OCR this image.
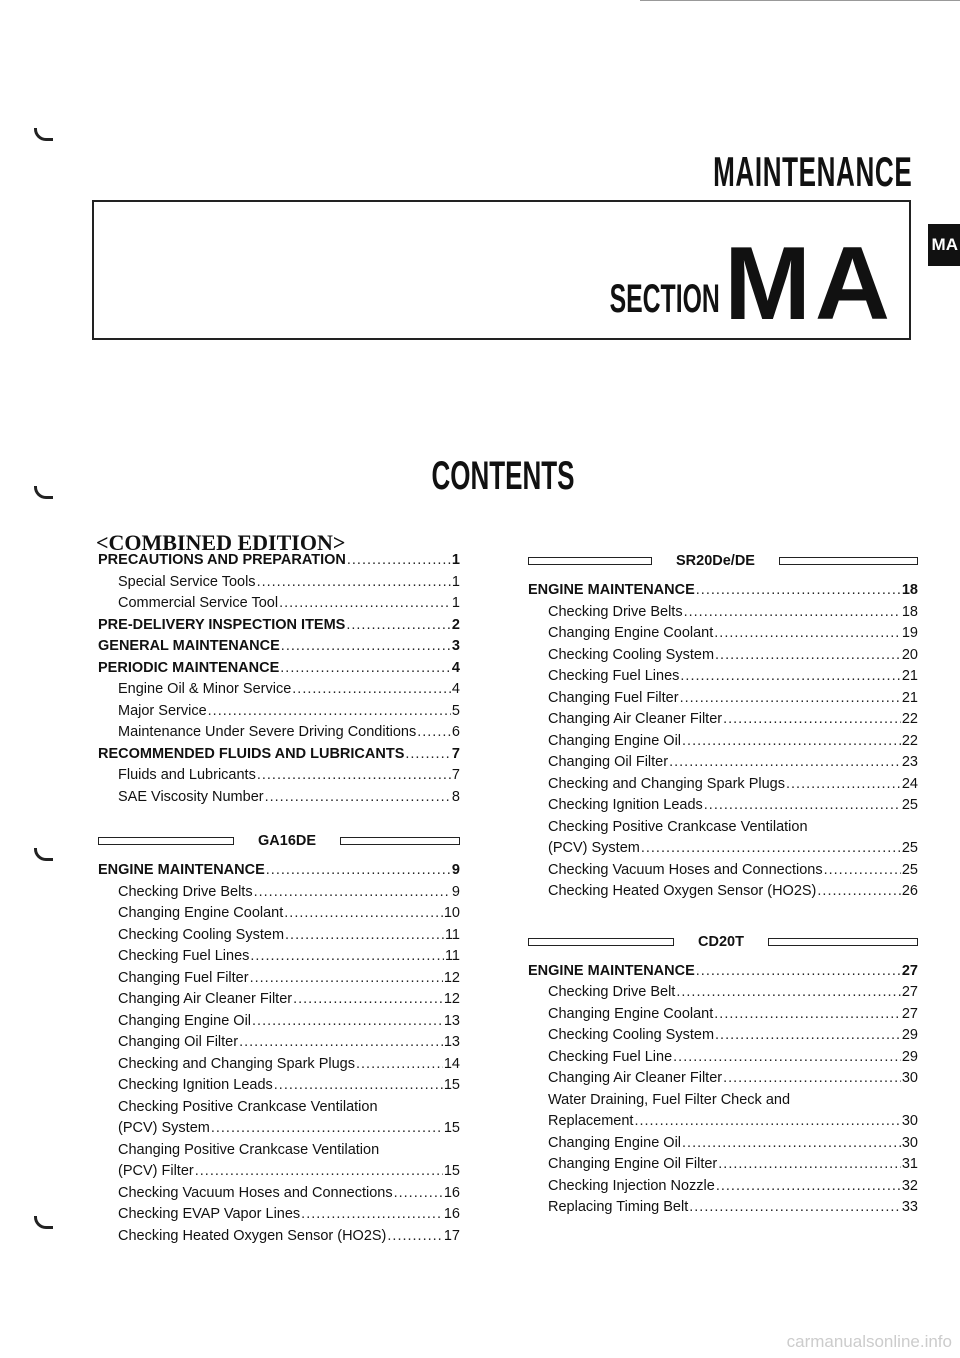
MAINTENANCE
SECTION MA MA
CONTENTS
<COMBINED EDITION>
PRECAUTIONS AND PREPARATION .....	1
Special Service Tools .....	1
Commercial Service Tool .....	1
PRE-DELIVERY INSPECTION ITEMS .....	2
GENERAL MAINTENANCE .....	3
PERIODIC MAINTENANCE .....	4
Engine Oil & Minor Service .....	4
Major Service .....	5
Maintenance Under Severe Driving Conditions ..... 6
RECOMMENDED FLUIDS AND LUBRICANTS .....	7
Fluids and Lubricants .....	7
SAE Viscosity Number .....	8
GA16DE
ENGINE MAINTENANCE .....	9
Checking Drive Belts .....	9
Changing Engine Coolant .....	10
Checking Cooling System .....	11
Checking Fuel Lines .....	11
Changing Fuel Filter .....	12
Changing Air Cleaner Filter .....	12
Changing Engine Oil .....	13
Changing Oil Filter .....	13
Checking and Changing Spark Plugs .....	14
Checking Ignition Leads .....	15
Checking Positive Crankcase Ventilation
(PCV) System .....	15
Changing Positive Crankcase Ventilation
(PCV) Filter .....	15
Checking Vacuum Hoses and Connections .....	16
Checking EVAP Vapor Lines .....	16
Checking Heated Oxygen Sensor (HO2S) .....	17
SR20De/DE
ENGINE MAINTENANCE .....	18
Checking Drive Belts .....	18
Changing Engine Coolant .....	19
Checking Cooling System .....	20
Checking Fuel Lines .....	21
Changing Fuel Filter .....	21
Changing Air Cleaner Filter .....	22
Changing Engine Oil .....	22
Changing Oil Filter .....	23
Checking and Changing Spark Plugs .....	24
Checking Ignition Leads .....	25
Checking Positive Crankcase Ventilation
(PCV) System .....	25
Checking Vacuum Hoses and Connections .....	25
Checking Heated Oxygen Sensor (HO2S) .....	26
CD20T
ENGINE MAINTENANCE .....	27
Checking Drive Belt .....	27
Changing Engine Coolant .....	27
Checking Cooling System .....	29
Checking Fuel Line .....	29
Changing Air Cleaner Filter .....	30
Water Draining, Fuel Filter Check and
Replacement .....	30
Changing Engine Oil .....	30
Changing Engine Oil Filter .....	31
Checking Injection Nozzle .....	32
Replacing Timing Belt .....	33
carmanualsonline.info
